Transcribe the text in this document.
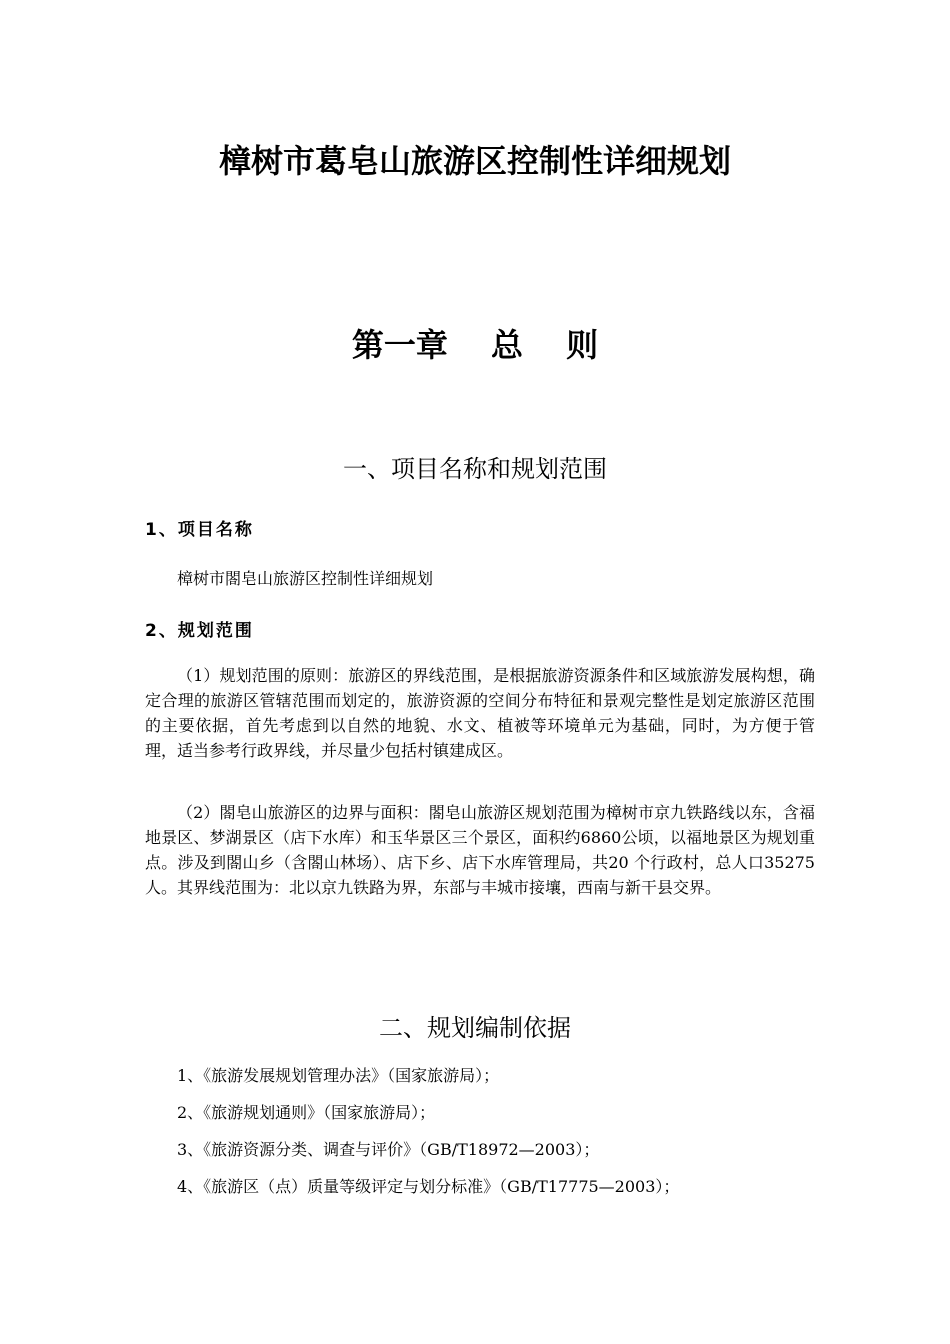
樟树市葛皂山旅游区控制性详细规划
第一章　 总　 则
一、项目名称和规划范围
1、项目名称
樟树市閤皂山旅游区控制性详细规划
2、规划范围

（1）规划范围的原则：旅游区的界线范围，是根据旅游资源条件和区域旅游发展构想，确定合理的旅游区管辖范围而划定的，旅游资源的空间分布特征和景观完整性是划定旅游区范围的主要依据，首先考虑到以自然的地貌、水文、植被等环境单元为基础，同时，为方便于管理，适当参考行政界线，并尽量少包括村镇建成区。

（2）閤皂山旅游区的边界与面积：閤皂山旅游区规划范围为樟树市京九铁路线以东，含福地景区、梦湖景区（店下水库）和玉华景区三个景区，面积约6860公顷，以福地景区为规划重点。涉及到閤山乡（含閤山林场）、店下乡、店下水库管理局，共20 个行政村，总人口35275人。其界线范围为：北以京九铁路为界，东部与丰城市接壤，西南与新干县交界。

二、规划编制依据
1、《旅游发展规划管理办法》（国家旅游局）；
2、《旅游规划通则》（国家旅游局）；
3、《旅游资源分类、调查与评价》（GB/T18972—2003）；
4、《旅游区（点）质量等级评定与划分标准》（GB/T17775—2003）；
